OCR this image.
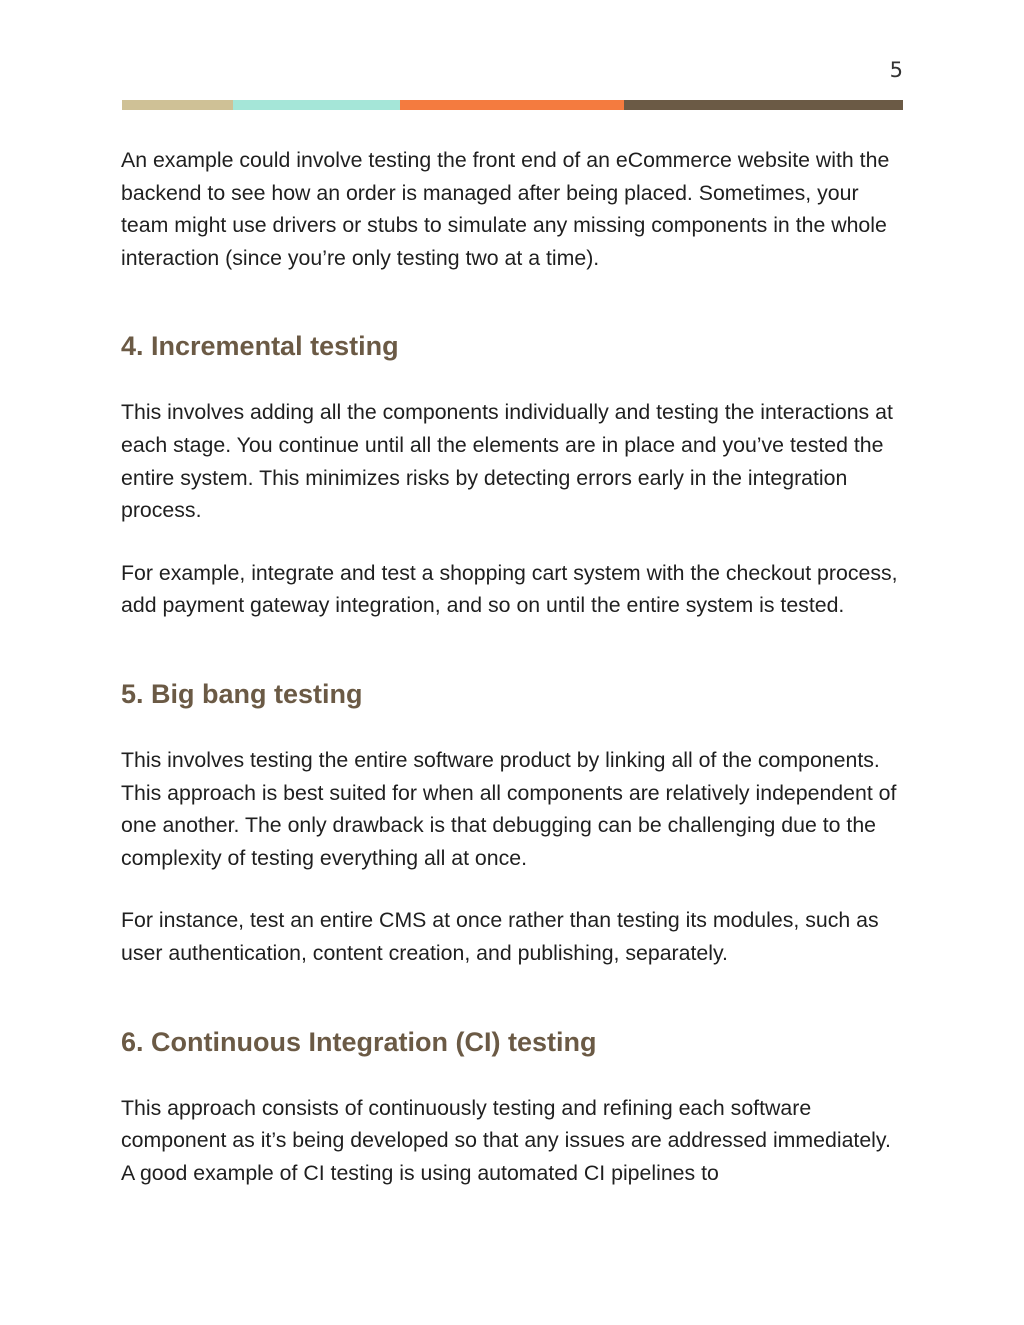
5

An example could involve testing the front end of an eCommerce website with the backend to see how an order is managed after being placed. Sometimes, your team might use drivers or stubs to simulate any missing components in the whole interaction (since you’re only testing two at a time).

4. Incremental testing

This involves adding all the components individually and testing the interactions at each stage. You continue until all the elements are in place and you’ve tested the entire system. This minimizes risks by detecting errors early in the integration process.

For example, integrate and test a shopping cart system with the checkout process, add payment gateway integration, and so on until the entire system is tested.

5. Big bang testing

This involves testing the entire software product by linking all of the components. This approach is best suited for when all components are relatively independent of one another. The only drawback is that debugging can be challenging due to the complexity of testing everything all at once.

For instance, test an entire CMS at once rather than testing its modules, such as user authentication, content creation, and publishing, separately.

6. Continuous Integration (CI) testing

This approach consists of continuously testing and refining each software component as it’s being developed so that any issues are addressed immediately. A good example of CI testing is using automated CI pipelines to
